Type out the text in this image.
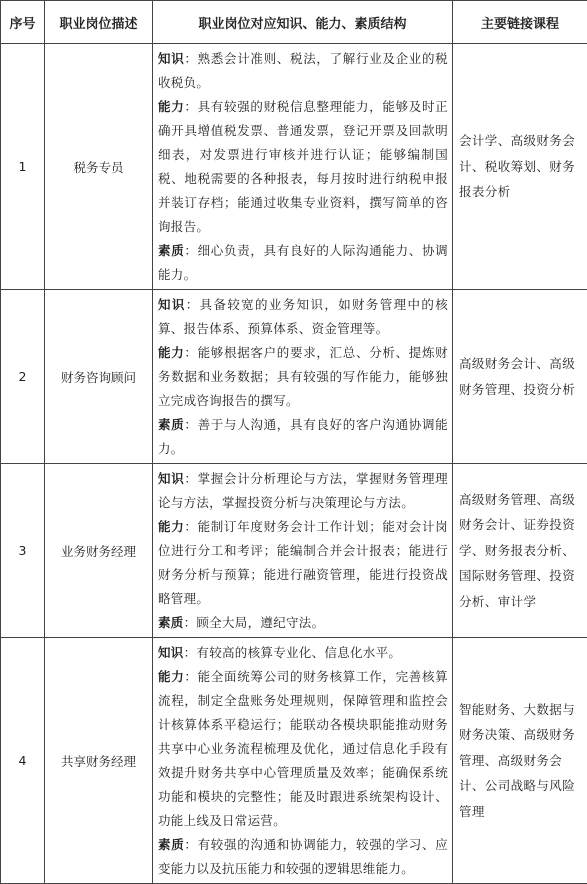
序号	职业岗位描述	职业岗位对应知识、能力、素质结构	主要链接课程
1	税务专员	知识：熟悉会计准则、税法，了解行业及企业的税收税负。
能力：具有较强的财税信息整理能力，能够及时正确开具增值税发票、普通发票，登记开票及回款明细表，对发票进行审核并进行认证；能够编制国税、地税需要的各种报表，每月按时进行纳税申报并装订存档；能通过收集专业资料，撰写简单的咨询报告。
素质：细心负责，具有良好的人际沟通能力、协调能力。	会计学、高级财务会计、税收筹划、财务报表分析
2	财务咨询顾问	知识：具备较宽的业务知识，如财务管理中的核算、报告体系、预算体系、资金管理等。
能力：能够根据客户的要求，汇总、分析、提炼财务数据和业务数据；具有较强的写作能力，能够独立完成咨询报告的撰写。
素质：善于与人沟通，具有良好的客户沟通协调能力。	高级财务会计、高级财务管理、投资分析
3	业务财务经理	知识：掌握会计分析理论与方法，掌握财务管理理论与方法，掌握投资分析与决策理论与方法。
能力：能制订年度财务会计工作计划；能对会计岗位进行分工和考评；能编制合并会计报表；能进行财务分析与预算；能进行融资管理，能进行投资战略管理。
素质：顾全大局，遵纪守法。	高级财务管理、高级财务会计、证券投资学、财务报表分析、国际财务管理、投资分析、审计学
4	共享财务经理	知识：有较高的核算专业化、信息化水平。
能力：能全面统筹公司的财务核算工作，完善核算流程，制定全盘账务处理规则，保障管理和监控会计核算体系平稳运行；能联动各模块职能推动财务共享中心业务流程梳理及优化，通过信息化手段有效提升财务共享中心管理质量及效率；能确保系统功能和模块的完整性；能及时跟进系统架构设计、功能上线及日常运营。
素质：有较强的沟通和协调能力，较强的学习、应变能力以及抗压能力和较强的逻辑思维能力。	智能财务、大数据与财务决策、高级财务管理、高级财务会计、公司战略与风险管理
